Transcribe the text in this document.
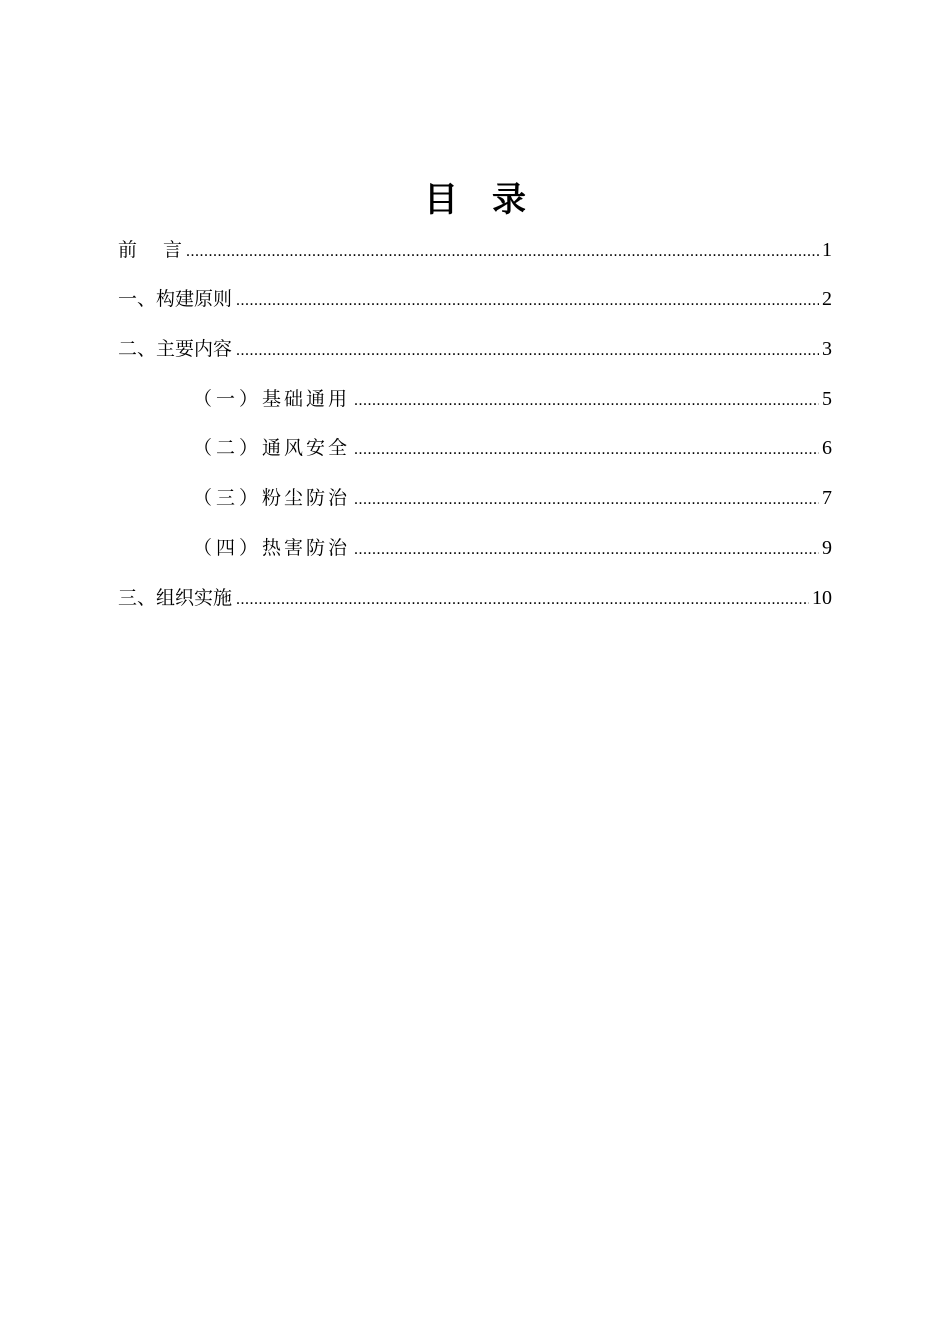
目 录
前 言 .....	1
一、 构建原则 .....	2
二、 主要内容 .....	3
（一） 基础通用 .....	5
（二） 通风安全 .....	6
（三） 粉尘防治 .....	7
（四） 热害防治 .....	9
三、 组织实施 .....	10
